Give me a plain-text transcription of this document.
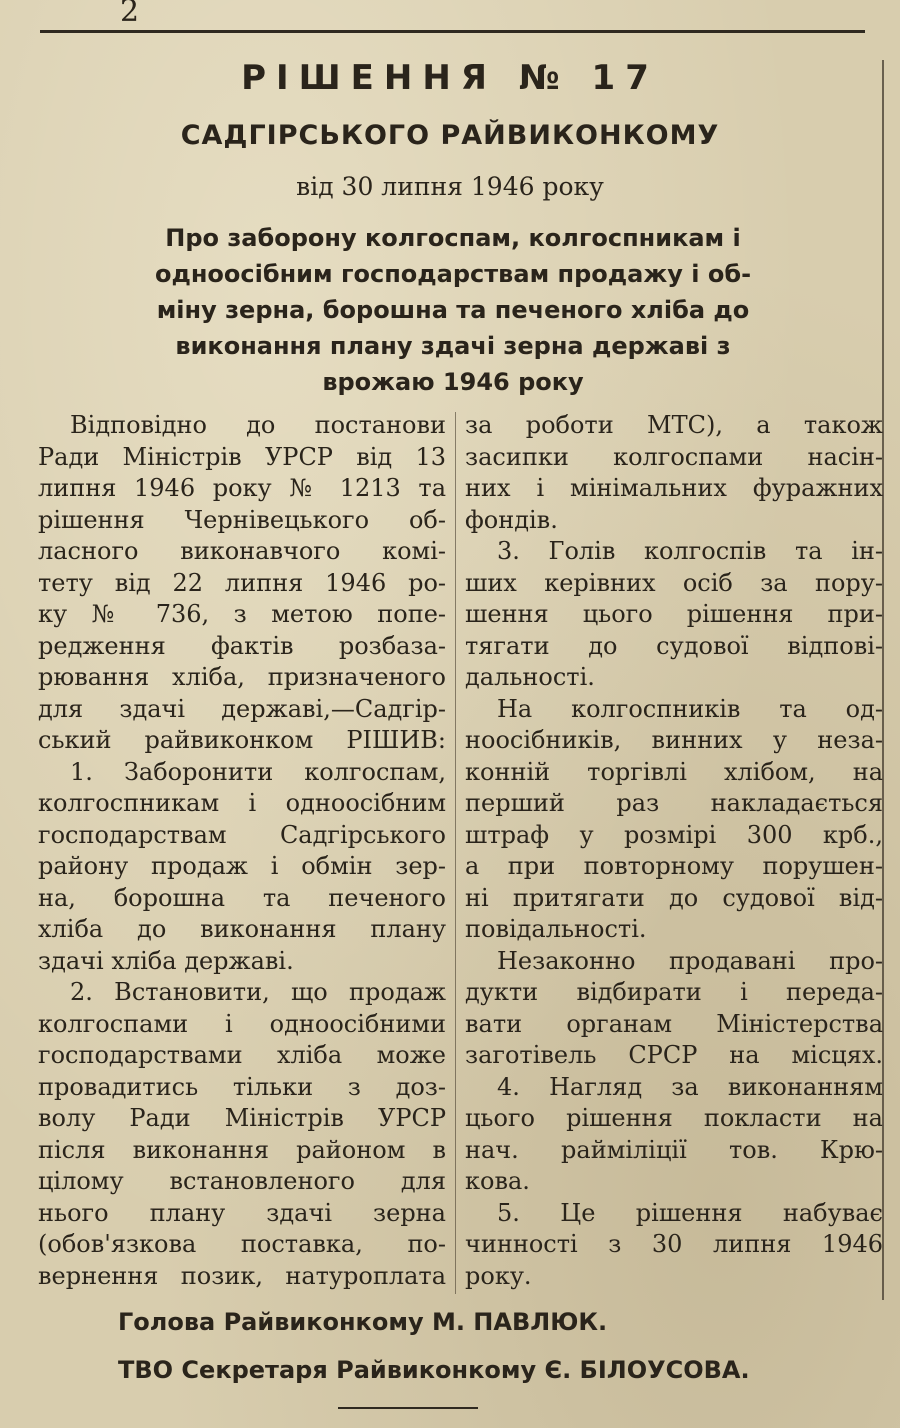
2
РІШЕННЯ № 17
САДГІРСЬКОГО РАЙВИКОНКОМУ
від 30 липня 1946 року
Про заборону колгоспам, колгоспникам і
одноосібним господарствам продажу і об-
міну зерна, борошна та печеного хліба до
виконання плану здачі зерна державі з
врожаю 1946 року
Відповідно до постанови
Ради Міністрів УРСР від 13
липня 1946 року № 1213 та
рішення Чернівецького об-
ласного виконавчого комі-
тету від 22 липня 1946 ро-
ку № 736, з метою попе-
редження фактів розбаза-
рювання хліба, призначеного
для здачі державі,—Садгір-
ський райвиконком РІШИВ:
1. Заборонити колгоспам,
колгоспникам і одноосібним
господарствам Садгірського
району продаж і обмін зер-
на, борошна та печеного
хліба до виконання плану
здачі хліба державі.
2. Встановити, що продаж
колгоспами і одноосібними
господарствами хліба може
провадитись тільки з доз-
волу Ради Міністрів УРСР
після виконання районом в
цілому встановленого для
нього плану здачі зерна
(обов'язкова поставка, по-
вернення позик, натуроплата
за роботи МТС), а також
засипки колгоспами насін-
них і мінімальних фуражних
фондів.
3. Голів колгоспів та ін-
ших керівних осіб за пору-
шення цього рішення при-
тягати до судової відпові-
дальності.
На колгоспників та од-
ноосібників, винних у неза-
конній торгівлі хлібом, на
перший раз накладається
штраф у розмірі 300 крб.,
а при повторному порушен-
ні притягати до судової від-
повідальності.
Незаконно продавані про-
дукти відбирати і переда-
вати органам Міністерства
заготівель СРСР на місцях.
4. Нагляд за виконанням
цього рішення покласти на
нач. райміліції тов. Крю-
кова.
5. Це рішення набуває
чинності з 30 липня 1946
року.
Голова Райвиконкому М. ПАВЛЮК.
ТВО Секретаря Райвиконкому Є. БІЛОУСОВА.
